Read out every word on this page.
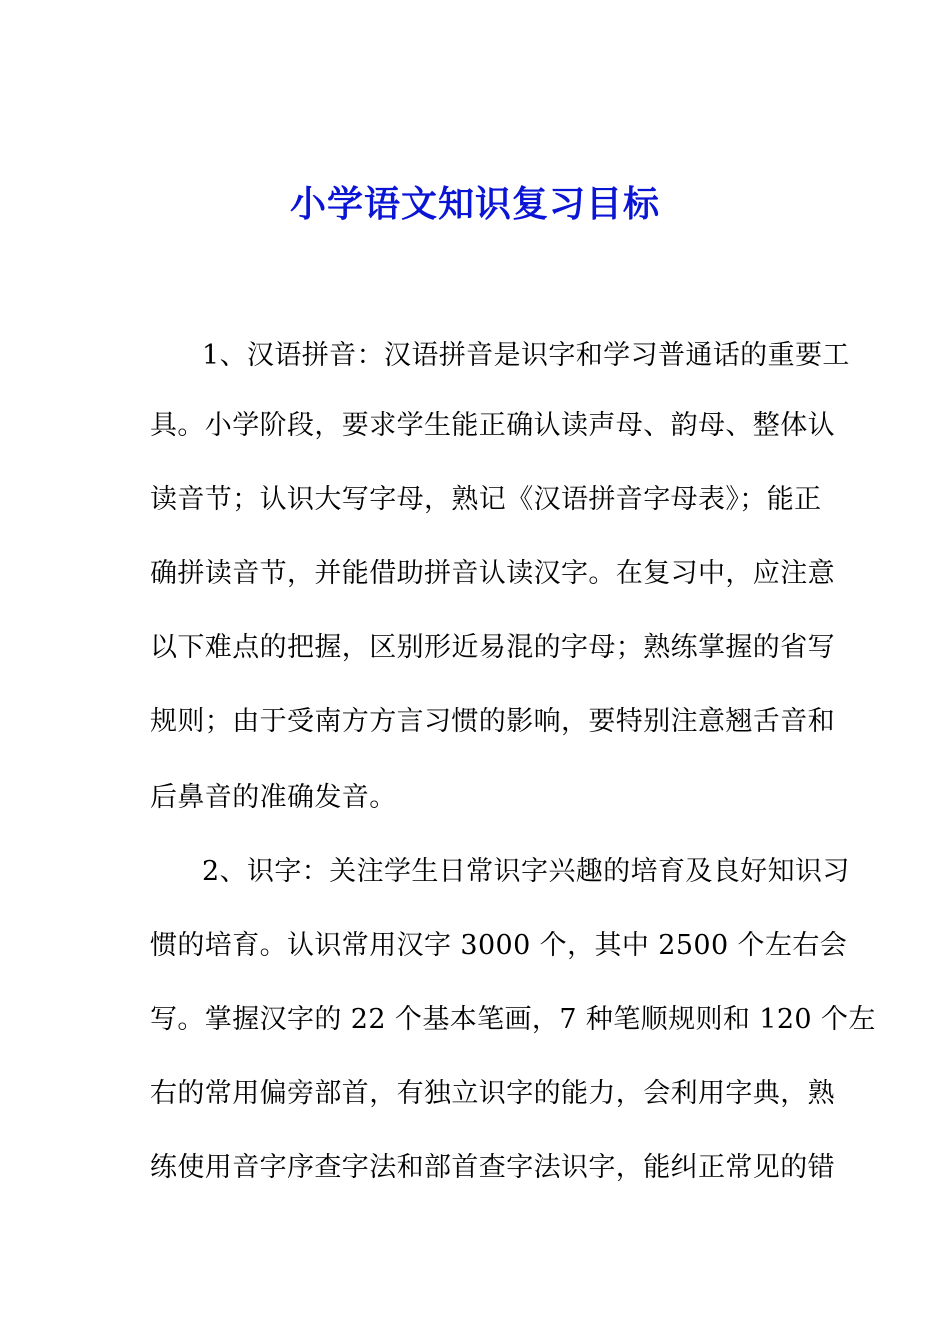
小学语文知识复习目标
1、汉语拼音：汉语拼音是识字和学习普通话的重要工
具。小学阶段，要求学生能正确认读声母、韵母、整体认
读音节；认识大写字母，熟记《汉语拼音字母表》；能正
确拼读音节，并能借助拼音认读汉字。在复习中，应注意
以下难点的把握，区别形近易混的字母；熟练掌握的省写
规则；由于受南方方言习惯的影响，要特别注意翘舌音和
后鼻音的准确发音。
2、识字：关注学生日常识字兴趣的培育及良好知识习
惯的培育。认识常用汉字 3000 个，其中 2500 个左右会
写。掌握汉字的 22 个基本笔画，7 种笔顺规则和 120 个左
右的常用偏旁部首，有独立识字的能力，会利用字典，熟
练使用音字序查字法和部首查字法识字，能纠正常见的错
